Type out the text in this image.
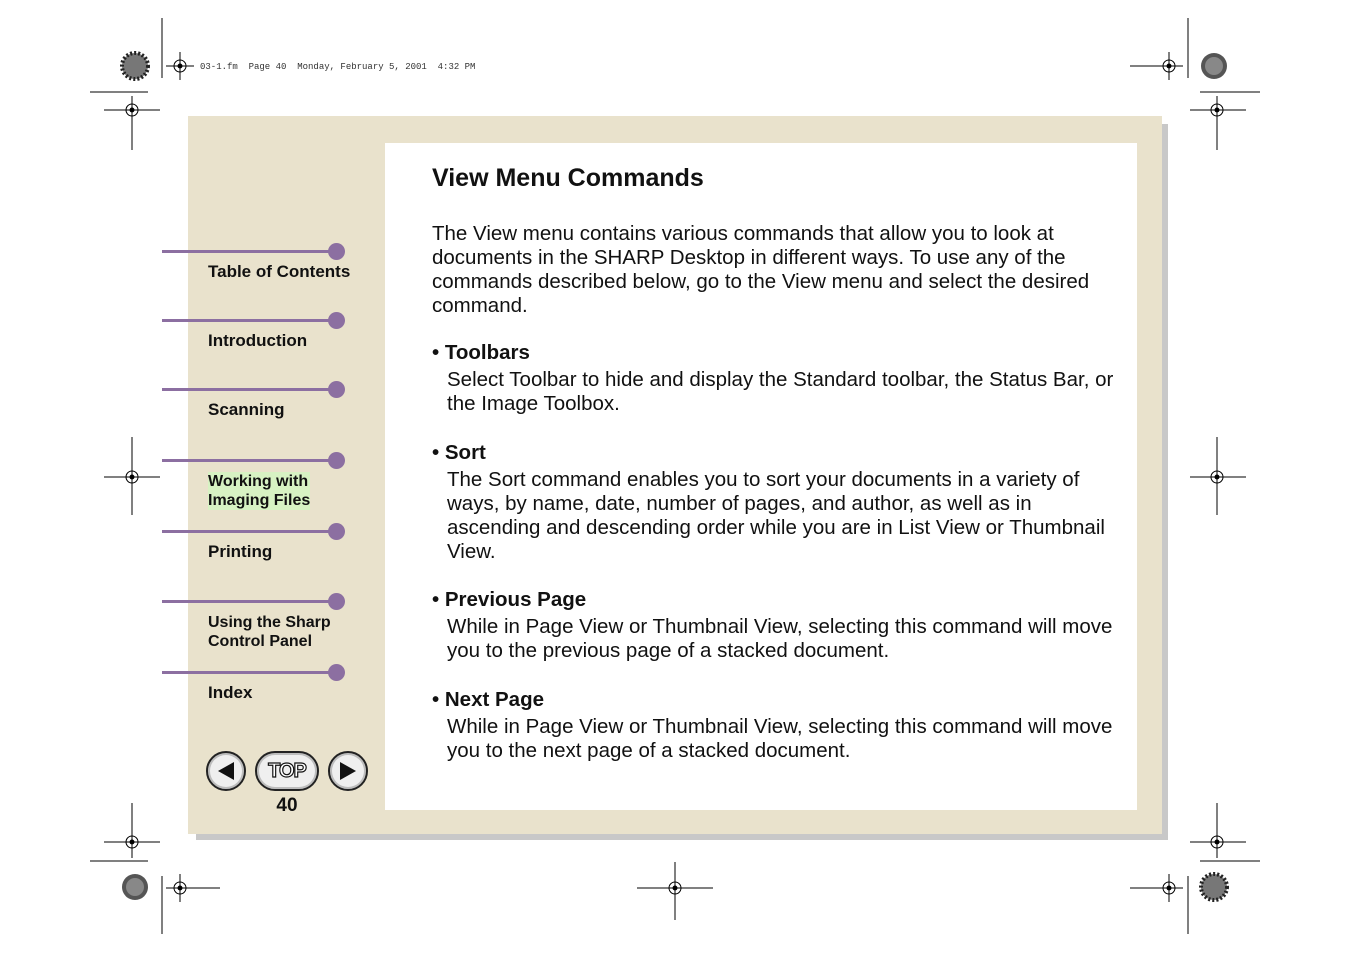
03-1.fm  Page 40  Monday, February 5, 2001  4:32 PM
Table of Contents
Introduction
Scanning
Working with
Imaging Files
Printing
Using the Sharp
Control Panel
Index
TOP
40
View Menu Commands

The View menu contains various commands that allow you to look at documents in the SHARP Desktop in different ways. To use any of the commands described below, go to the View menu and select the desired command.

• Toolbars
Select Toolbar to hide and display the Standard toolbar, the Status Bar, or the Image Toolbox.
• Sort
The Sort command enables you to sort your documents in a variety of ways, by name, date, number of pages, and author, as well as in ascending and descending order while you are in List View or Thumbnail View.
• Previous Page
While in Page View or Thumbnail View, selecting this command will move you to the previous page of a stacked document.
• Next Page
While in Page View or Thumbnail View, selecting this command will move you to the next page of a stacked document.
